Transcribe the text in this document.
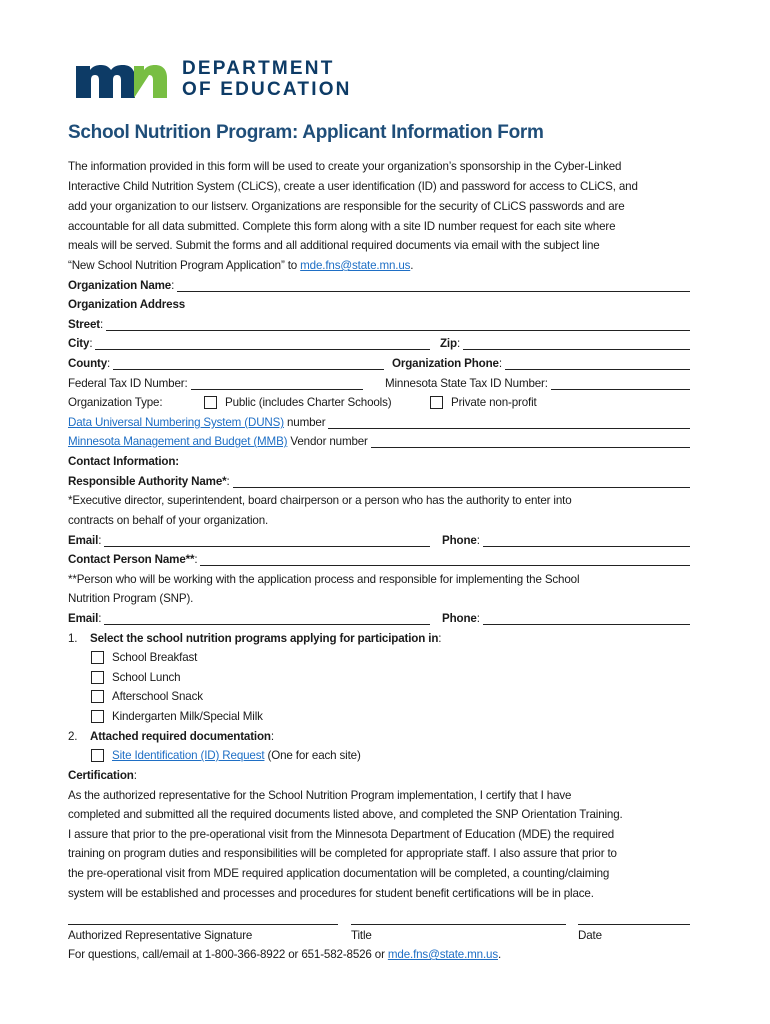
DEPARTMENT
OF EDUCATION
School Nutrition Program: Applicant Information Form
The information provided in this form will be used to create your organization’s sponsorship in the Cyber-Linked
Interactive Child Nutrition System (CLiCS), create a user identification (ID) and password for access to CLiCS, and
add your organization to our listserv. Organizations are responsible for the security of CLiCS passwords and are
accountable for all data submitted. Complete this form along with a site ID number request for each site where
meals will be served. Submit the forms and all additional required documents via email with the subject line
“New School Nutrition Program Application” to mde.fns@state.mn.us .
Organization Name :
Organization Address
Street :
City :	Zip :
County :	Organization Phone :
Federal Tax ID Number:	Minnesota State Tax ID Number:
Organization Type:	Public (includes Charter Schools)	Private non-profit
Data Universal Numbering System (DUNS) number
Minnesota Management and Budget (MMB) Vendor number
Contact Information:
Responsible Authority Name* :
*Executive director, superintendent, board chairperson or a person who has the authority to enter into
contracts on behalf of your organization.
Email :	Phone :
Contact Person Name** :
**Person who will be working with the application process and responsible for implementing the School
Nutrition Program (SNP).
Email :	Phone :
1.	Select the school nutrition programs applying for participation in :
School Breakfast
School Lunch
Afterschool Snack
Kindergarten Milk/Special Milk
2.	Attached required documentation :
Site Identification (ID) Request (One for each site)
Certification :
As the authorized representative for the School Nutrition Program implementation, I certify that I have
completed and submitted all the required documents listed above, and completed the SNP Orientation Training.
I assure that prior to the pre-operational visit from the Minnesota Department of Education (MDE) the required
training on program duties and responsibilities will be completed for appropriate staff. I also assure that prior to
the pre-operational visit from MDE required application documentation will be completed, a counting/claiming
system will be established and processes and procedures for student benefit certifications will be in place.
Authorized Representative Signature	Title	Date
For questions, call/email at 1-800-366-8922 or 651-582-8526 or mde.fns@state.mn.us .
